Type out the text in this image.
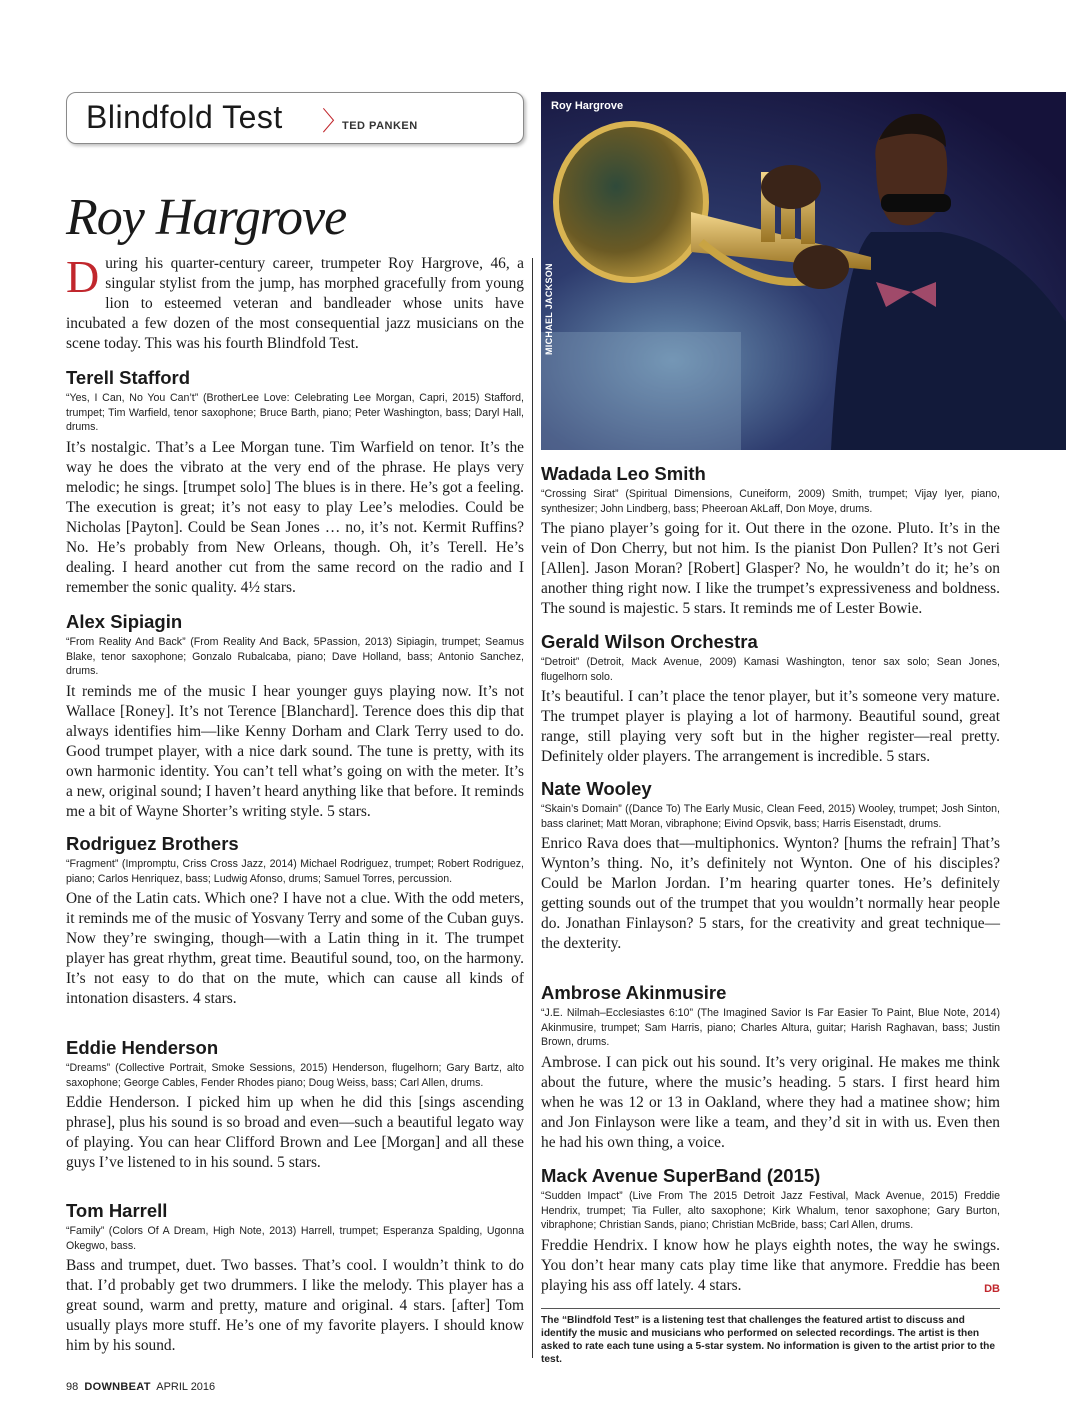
Blindfold Test 〉
TED PANKEN
Roy Hargrove

During his quarter-century career, trumpeter Roy Hargrove, 46, a singular stylist from the jump, has morphed gracefully from young lion to esteemed veteran and bandleader whose units have incubated a few dozen of the most consequential jazz musicians on the scene today. This was his fourth Blindfold Test.

Roy Hargrove
MICHAEL JACKSON

Terell Stafford

“Yes, I Can, No You Can’t” (BrotherLee Love: Celebrating Lee Morgan, Capri, 2015) Stafford, trumpet; Tim Warfield, tenor saxophone; Bruce Barth, piano; Peter Washington, bass; Daryl Hall, drums.

It’s nostalgic. That’s a Lee Morgan tune. Tim Warfield on tenor. It’s the way he does the vibrato at the very end of the phrase. He plays very melodic; he sings. [trumpet solo] The blues is in there. He’s got a feeling. The execution is great; it’s not easy to play Lee’s melodies. Could be Nicholas [Payton]. Could be Sean Jones … no, it’s not. Kermit Ruffins? No. He’s probably from New Orleans, though. Oh, it’s Terell. He’s dealing. I heard another cut from the same record on the radio and I remember the sonic quality. 4½ stars.

Alex Sipiagin

“From Reality And Back” (From Reality And Back, 5Passion, 2013) Sipiagin, trumpet; Seamus Blake, tenor saxophone; Gonzalo Rubalcaba, piano; Dave Holland, bass; Antonio Sanchez, drums.

It reminds me of the music I hear younger guys playing now. It’s not Wallace [Roney]. It’s not Terence [Blanchard]. Terence does this dip that always identifies him—like Kenny Dorham and Clark Terry used to do. Good trumpet player, with a nice dark sound. The tune is pretty, with its own harmonic identity. You can’t tell what’s going on with the meter. It’s a new, original sound; I haven’t heard anything like that before. It reminds me a bit of Wayne Shorter’s writing style. 5 stars.

Rodriguez Brothers

“Fragment” (Impromptu, Criss Cross Jazz, 2014) Michael Rodriguez, trumpet; Robert Rodriguez, piano; Carlos Henriquez, bass; Ludwig Afonso, drums; Samuel Torres, percussion.

One of the Latin cats. Which one? I have not a clue. With the odd meters, it reminds me of the music of Yosvany Terry and some of the Cuban guys. Now they’re swinging, though—with a Latin thing in it. The trumpet player has great rhythm, great time. Beautiful sound, too, on the harmony. It’s not easy to do that on the mute, which can cause all kinds of intonation disasters. 4 stars.

Eddie Henderson

“Dreams” (Collective Portrait, Smoke Sessions, 2015) Henderson, flugelhorn; Gary Bartz, alto saxophone; George Cables, Fender Rhodes piano; Doug Weiss, bass; Carl Allen, drums.

Eddie Henderson. I picked him up when he did this [sings ascending phrase], plus his sound is so broad and even—such a beautiful legato way of playing. You can hear Clifford Brown and Lee [Morgan] and all these guys I’ve listened to in his sound. 5 stars.

Tom Harrell

“Family” (Colors Of A Dream, High Note, 2013) Harrell, trumpet; Esperanza Spalding, Ugonna Okegwo, bass.

Bass and trumpet, duet. Two basses. That’s cool. I wouldn’t think to do that. I’d probably get two drummers. I like the melody. This player has a great sound, warm and pretty, mature and original. 4 stars. [after] Tom usually plays more stuff. He’s one of my favorite players. I should know him by his sound.

Wadada Leo Smith

“Crossing Sirat” (Spiritual Dimensions, Cuneiform, 2009) Smith, trumpet; Vijay Iyer, piano, synthesizer; John Lindberg, bass; Pheeroan AkLaff, Don Moye, drums.

The piano player’s going for it. Out there in the ozone. Pluto. It’s in the vein of Don Cherry, but not him. Is the pianist Don Pullen? It’s not Geri [Allen]. Jason Moran? [Robert] Glasper? No, he wouldn’t do it; he’s on another thing right now. I like the trumpet’s expressiveness and boldness. The sound is majestic. 5 stars. It reminds me of Lester Bowie.

Gerald Wilson Orchestra

“Detroit” (Detroit, Mack Avenue, 2009) Kamasi Washington, tenor sax solo; Sean Jones, flugelhorn solo.

It’s beautiful. I can’t place the tenor player, but it’s someone very mature. The trumpet player is playing a lot of harmony. Beautiful sound, great range, still playing very soft but in the higher register—real pretty. Definitely older players. The arrangement is incredible. 5 stars.

Nate Wooley

“Skain’s Domain” ((Dance To) The Early Music, Clean Feed, 2015) Wooley, trumpet; Josh Sinton, bass clarinet; Matt Moran, vibraphone; Eivind Opsvik, bass; Harris Eisenstadt, drums.

Enrico Rava does that—multiphonics. Wynton? [hums the refrain] That’s Wynton’s thing. No, it’s definitely not Wynton. One of his disciples? Could be Marlon Jordan. I’m hearing quarter tones. He’s definitely getting sounds out of the trumpet that you wouldn’t normally hear people do. Jonathan Finlayson? 5 stars, for the creativity and great technique—the dexterity.

Ambrose Akinmusire

“J.E. Nilmah–Ecclesiastes 6:10” (The Imagined Savior Is Far Easier To Paint, Blue Note, 2014) Akinmusire, trumpet; Sam Harris, piano; Charles Altura, guitar; Harish Raghavan, bass; Justin Brown, drums.

Ambrose. I can pick out his sound. It’s very original. He makes me think about the future, where the music’s heading. 5 stars. I first heard him when he was 12 or 13 in Oakland, where they had a matinee show; him and Jon Finlayson were like a team, and they’d sit in with us. Even then he had his own thing, a voice.

Mack Avenue SuperBand (2015)

“Sudden Impact” (Live From The 2015 Detroit Jazz Festival, Mack Avenue, 2015) Freddie Hendrix, trumpet; Tia Fuller, alto saxophone; Kirk Whalum, tenor saxophone; Gary Burton, vibraphone; Christian Sands, piano; Christian McBride, bass; Carl Allen, drums.

Freddie Hendrix. I know how he plays eighth notes, the way he swings. You don’t hear many cats play time like that anymore. Freddie has been playing his ass off lately. 4 stars.	DB

The “Blindfold Test” is a listening test that challenges the featured artist to discuss and identify the music and musicians who performed on selected recordings. The artist is then asked to rate each tune using a 5-star system. No information is given to the artist prior to the test.

98 DOWNBEAT APRIL 2016
